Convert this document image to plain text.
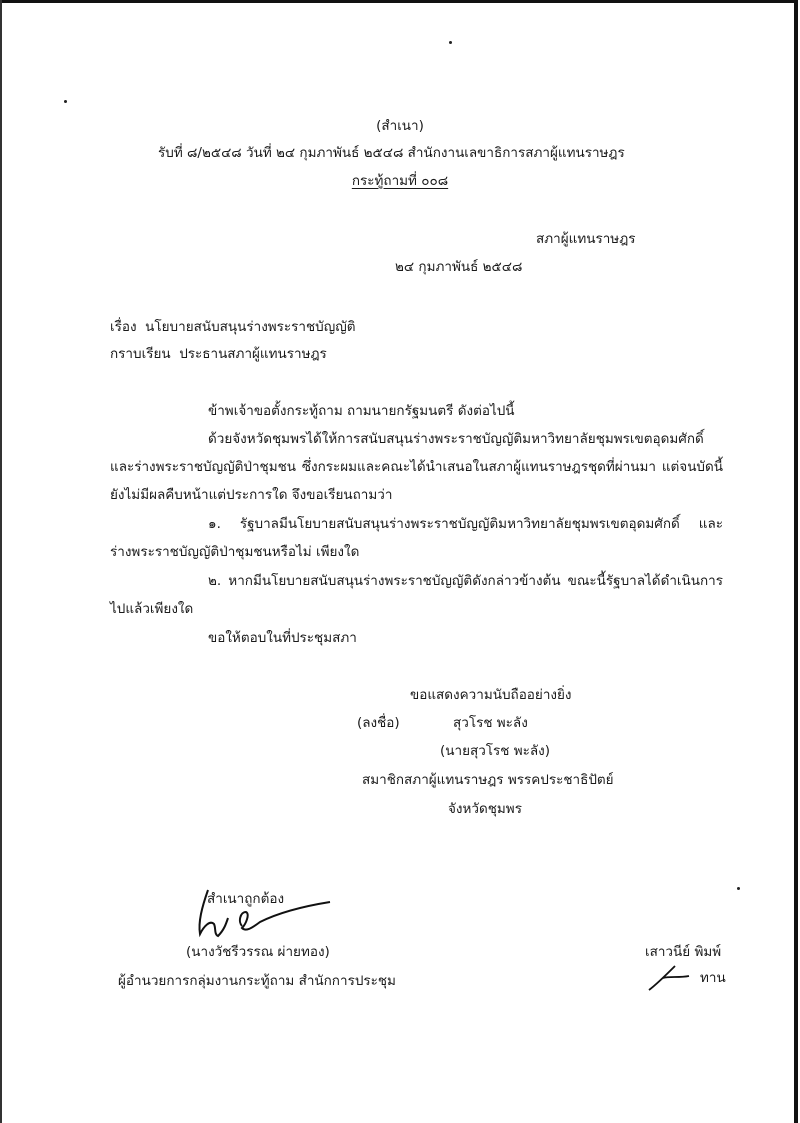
(สำเนา)
รับที่ ๘/๒๕๔๘ วันที่ ๒๔ กุมภาพันธ์ ๒๕๔๘ สำนักงานเลขาธิการสภาผู้แทนราษฎร
กระทู้ถามที่ ๐๐๘
สภาผู้แทนราษฎร
๒๔ กุมภาพันธ์ ๒๕๔๘
เรื่อง นโยบายสนับสนุนร่างพระราชบัญญัติ
กราบเรียน ประธานสภาผู้แทนราษฎร
ข้าพเจ้าขอตั้งกระทู้ถาม ถามนายกรัฐมนตรี ดังต่อไปนี้
ด้วยจังหวัดชุมพรได้ให้การสนับสนุนร่างพระราชบัญญัติมหาวิทยาลัยชุมพรเขตอุดมศักดิ์
และร่างพระราชบัญญัติป่าชุมชน ซึ่งกระผมและคณะได้นำเสนอในสภาผู้แทนราษฎรชุดที่ผ่านมา แต่จนบัดนี้
ยังไม่มีผลคืบหน้าแต่ประการใด จึงขอเรียนถามว่า
๑. รัฐบาลมีนโยบายสนับสนุนร่างพระราชบัญญัติมหาวิทยาลัยชุมพรเขตอุดมศักดิ์ และ
ร่างพระราชบัญญัติป่าชุมชนหรือไม่ เพียงใด
๒. หากมีนโยบายสนับสนุนร่างพระราชบัญญัติดังกล่าวข้างต้น ขณะนี้รัฐบาลได้ดำเนินการ
ไปแล้วเพียงใด
ขอให้ตอบในที่ประชุมสภา
ขอแสดงความนับถืออย่างยิ่ง
(ลงชื่อ)	สุวโรช พะลัง
(นายสุวโรช พะลัง)
สมาชิกสภาผู้แทนราษฎร พรรคประชาธิปัตย์
จังหวัดชุมพร
สำเนาถูกต้อง
(นางวัชรีวรรณ ผ่ายทอง)
ผู้อำนวยการกลุ่มงานกระทู้ถาม สำนักการประชุม
เสาวนีย์ พิมพ์
ทาน
